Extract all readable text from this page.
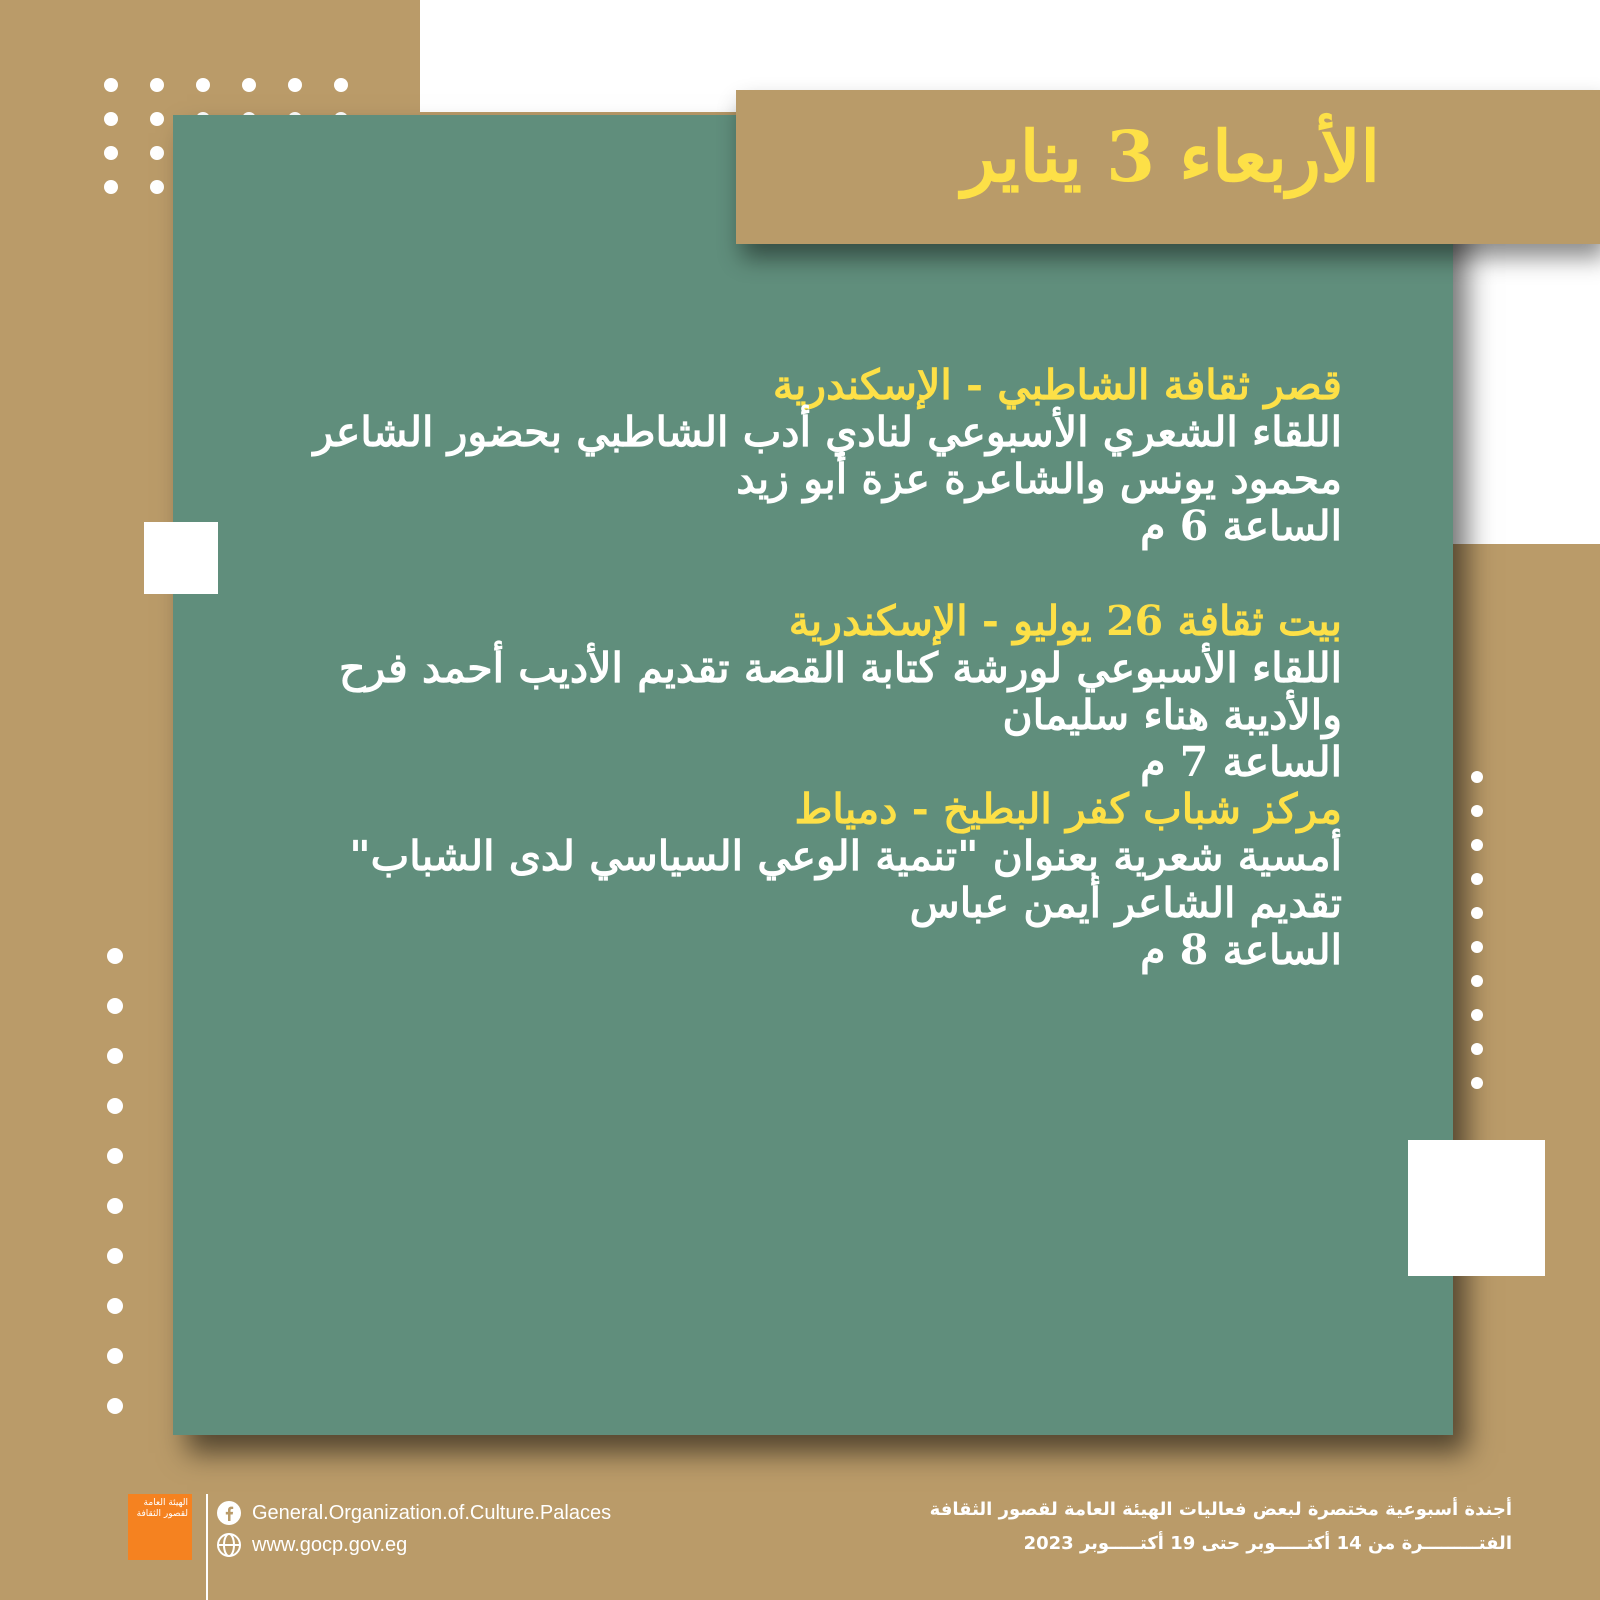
الأربعاء 3 يناير
قصر ثقافة الشاطبي - الإسكندرية
اللقاء الشعري الأسبوعي لنادي أدب الشاطبي بحضور الشاعر
محمود يونس والشاعرة عزة أبو زيد
الساعة 6 م
بيت ثقافة 26 يوليو - الإسكندرية
اللقاء الأسبوعي لورشة كتابة القصة تقديم الأديب أحمد فرح
والأديبة هناء سليمان
الساعة 7 م
مركز شباب كفر البطيخ - دمياط
أمسية شعرية بعنوان "تنمية الوعي السياسي لدى الشباب"
تقديم الشاعر أيمن عباس
الساعة 8 م
الهيئة العامة لقصور الثقافة	General.Organization.of.Culture.Palaces
www.gocp.gov.eg
أجندة أسبوعية مختصرة لبعض فعاليات الهيئة العامة لقصور الثقافة
الفتـــــــــرة من 14 أكتـــــوبر حتى 19 أكتـــــوبر 2023
